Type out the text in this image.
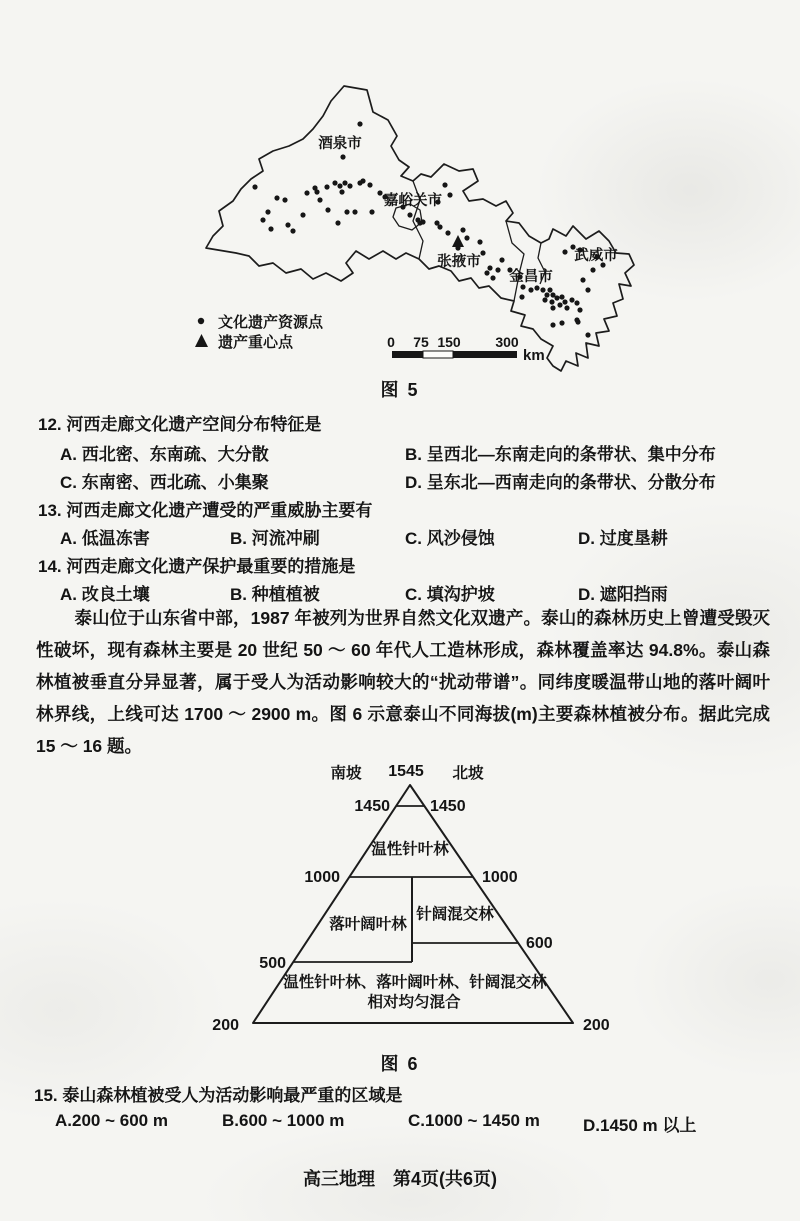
酒泉市
嘉峪关市
张掖市
金昌市
武威市
文化遗产资源点
遗产重心点	0 75 150 300
km
图 5
12. 河西走廊文化遗产空间分布特征是
A. 西北密、东南疏、大分散	B. 呈西北—东南走向的条带状、集中分布
C. 东南密、西北疏、小集聚	D. 呈东北—西南走向的条带状、分散分布
13. 河西走廊文化遗产遭受的严重威胁主要有
A. 低温冻害	B. 河流冲刷	C. 风沙侵蚀	D. 过度垦耕
14. 河西走廊文化遗产保护最重要的措施是
A. 改良土壤	B. 种植植被	C. 填沟护坡	D. 遮阳挡雨
泰山位于山东省中部，1987 年被列为世界自然文化双遗产。泰山的森林历史上曾遭受毁灭性破坏，现有森林主要是 20 世纪 50 ～ 60 年代人工造林形成，森林覆盖率达 94.8%。泰山森林植被垂直分异显著，属于受人为活动影响较大的“扰动带谱”。同纬度暖温带山地的落叶阔叶林界线，上线可达 1700 ～ 2900 m。图 6 示意泰山不同海拔(m)主要森林植被分布。据此完成 15 ～ 16 题。
南坡 1545 北坡
1450	1450
1000	1000
600
500
200	200
温性针叶林
落叶阔叶林
针阔混交林
温性针叶林、落叶阔叶林、针阔混交林
相对均匀混合
图 6
15. 泰山森林植被受人为活动影响最严重的区域是
A.200 ~ 600 m	B.600 ~ 1000 m	C.1000 ~ 1450 m	D.1450 m 以上
高三地理　第4页(共6页)
